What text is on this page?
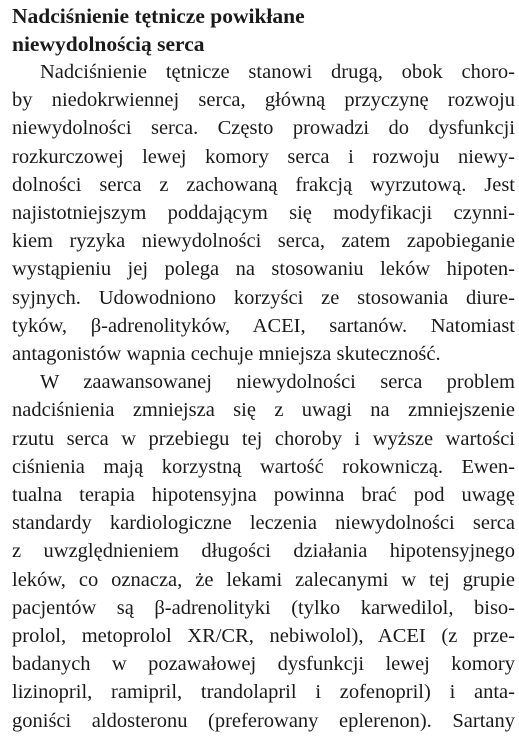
Nadciśnienie tętnicze powikłane
niewydolnością serca

Nadciśnienie tętnicze stanowi drugą, obok choro-
by niedokrwiennej serca, główną przyczynę rozwoju
niewydolności serca. Często prowadzi do dysfunkcji
rozkurczowej lewej komory serca i rozwoju niewy-
dolności serca z zachowaną frakcją wyrzutową. Jest
najistotniejszym poddającym się modyfikacji czynni-
kiem ryzyka niewydolności serca, zatem zapobieganie
wystąpieniu jej polega na stosowaniu leków hipoten-
syjnych. Udowodniono korzyści ze stosowania diure-
tyków, β-adrenolityków, ACEI, sartanów. Natomiast
antagonistów wapnia cechuje mniejsza skuteczność.

W zaawansowanej niewydolności serca problem
nadciśnienia zmniejsza się z uwagi na zmniejszenie
rzutu serca w przebiegu tej choroby i wyższe wartości
ciśnienia mają korzystną wartość rokowniczą. Ewen-
tualna terapia hipotensyjna powinna brać pod uwagę
standardy kardiologiczne leczenia niewydolności serca
z uwzględnieniem długości działania hipotensyjnego
leków, co oznacza, że lekami zalecanymi w tej grupie
pacjentów są β-adrenolityki (tylko karwedilol, biso-
prolol, metoprolol XR/CR, nebiwolol), ACEI (z prze-
badanych w pozawałowej dysfunkcji lewej komory
lizinopril, ramipril, trandolapril i zofenopril) i anta-
goniści aldosteronu (preferowany eplerenon). Sartany
